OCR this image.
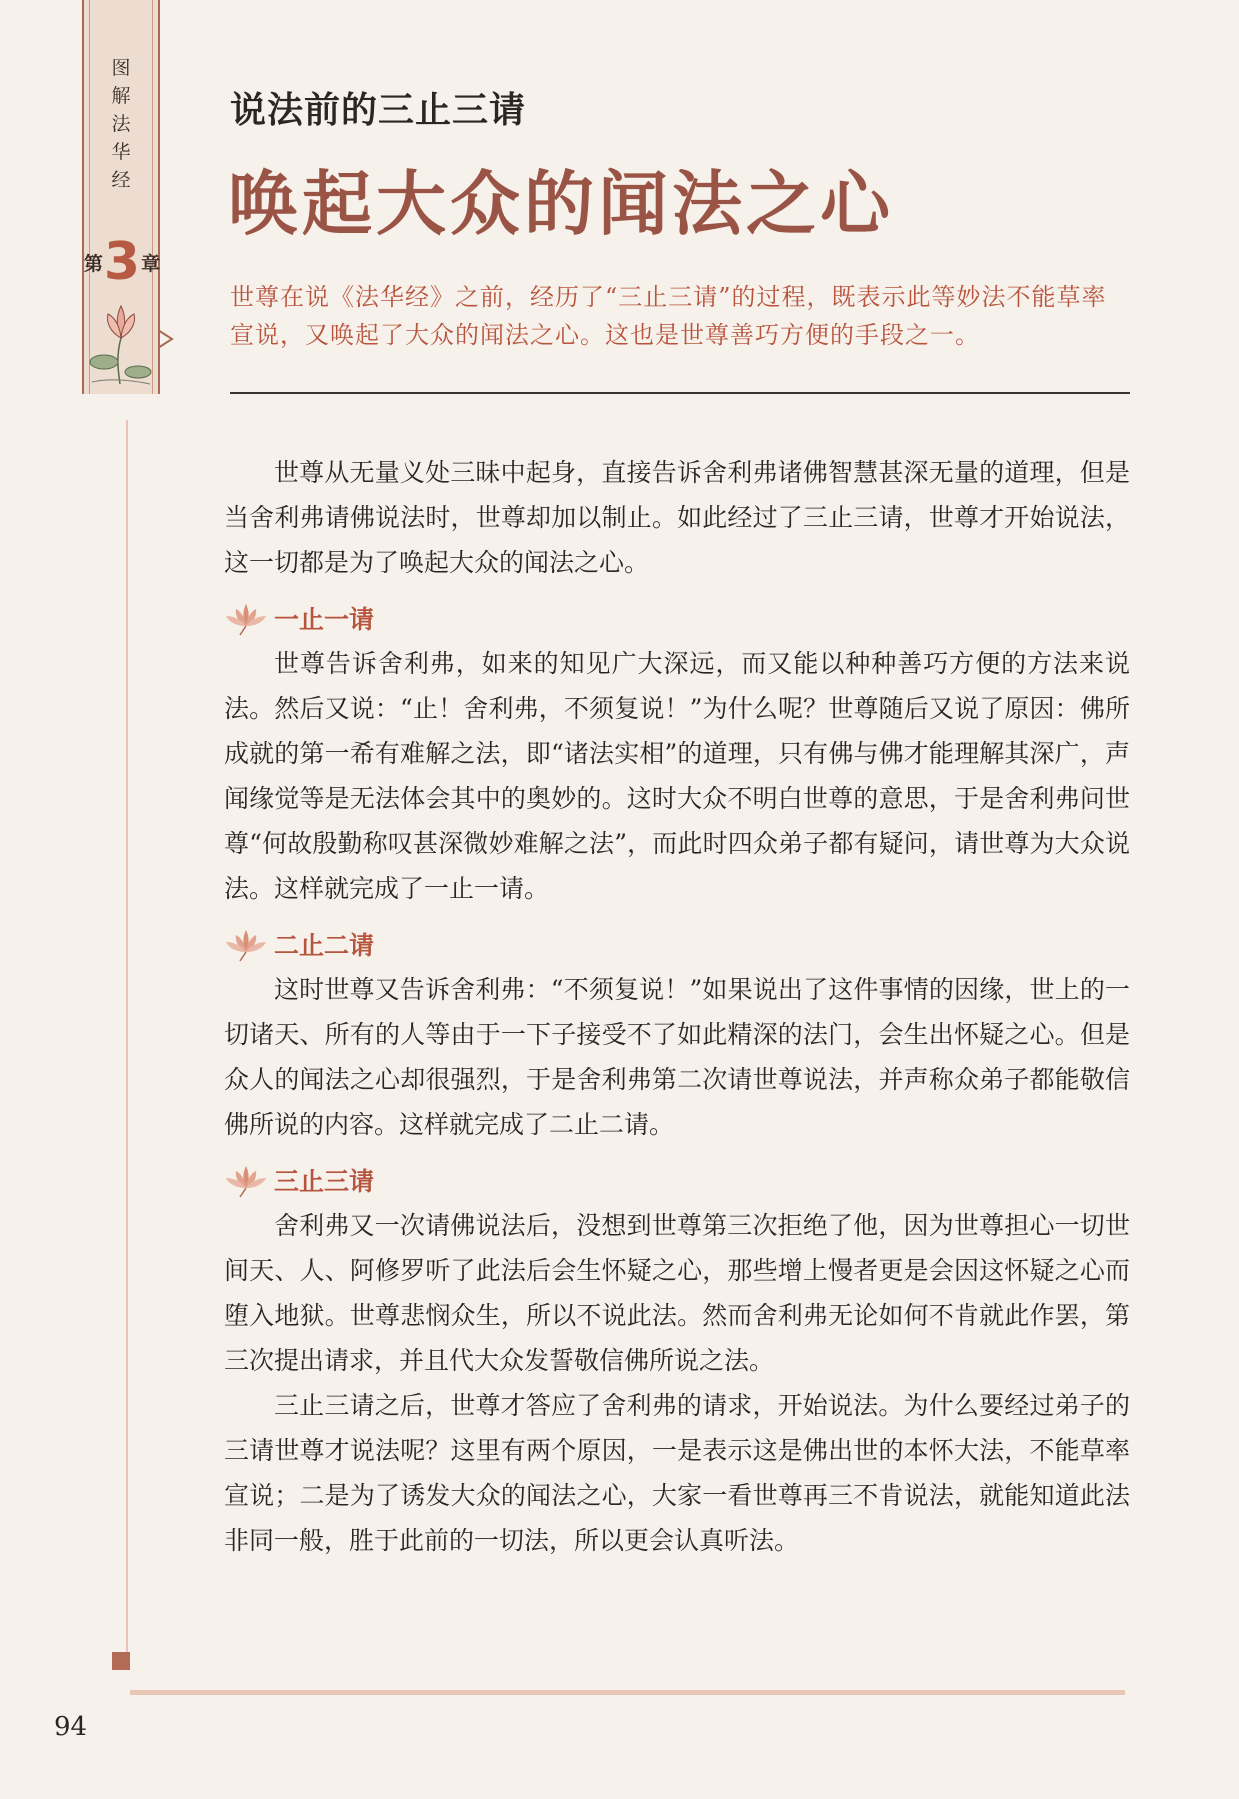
图
解
法
华
经
第 3 章
说法前的三止三请
唤起大众的闻法之心
世尊在说《法华经》之前，经历了“三止三请”的过程，既表示此等妙法不能草率宣说，又唤起了大众的闻法之心。这也是世尊善巧方便的手段之一。

世尊从无量义处三昧中起身，直接告诉舍利弗诸佛智慧甚深无量的道理，但是当舍利弗请佛说法时，世尊却加以制止。如此经过了三止三请，世尊才开始说法，这一切都是为了唤起大众的闻法之心。

一止一请

世尊告诉舍利弗，如来的知见广大深远，而又能以种种善巧方便的方法来说法。然后又说：“止！舍利弗，不须复说！”为什么呢？世尊随后又说了原因：佛所成就的第一希有难解之法，即“诸法实相”的道理，只有佛与佛才能理解其深广，声闻缘觉等是无法体会其中的奥妙的。这时大众不明白世尊的意思，于是舍利弗问世尊“何故殷勤称叹甚深微妙难解之法”，而此时四众弟子都有疑问，请世尊为大众说法。这样就完成了一止一请。

二止二请

这时世尊又告诉舍利弗：“不须复说！”如果说出了这件事情的因缘，世上的一切诸天、所有的人等由于一下子接受不了如此精深的法门，会生出怀疑之心。但是众人的闻法之心却很强烈，于是舍利弗第二次请世尊说法，并声称众弟子都能敬信佛所说的内容。这样就完成了二止二请。

三止三请

舍利弗又一次请佛说法后，没想到世尊第三次拒绝了他，因为世尊担心一切世间天、人、阿修罗听了此法后会生怀疑之心，那些增上慢者更是会因这怀疑之心而堕入地狱。世尊悲悯众生，所以不说此法。然而舍利弗无论如何不肯就此作罢，第三次提出请求，并且代大众发誓敬信佛所说之法。

三止三请之后，世尊才答应了舍利弗的请求，开始说法。为什么要经过弟子的三请世尊才说法呢？这里有两个原因，一是表示这是佛出世的本怀大法，不能草率宣说；二是为了诱发大众的闻法之心，大家一看世尊再三不肯说法，就能知道此法非同一般，胜于此前的一切法，所以更会认真听法。

94
